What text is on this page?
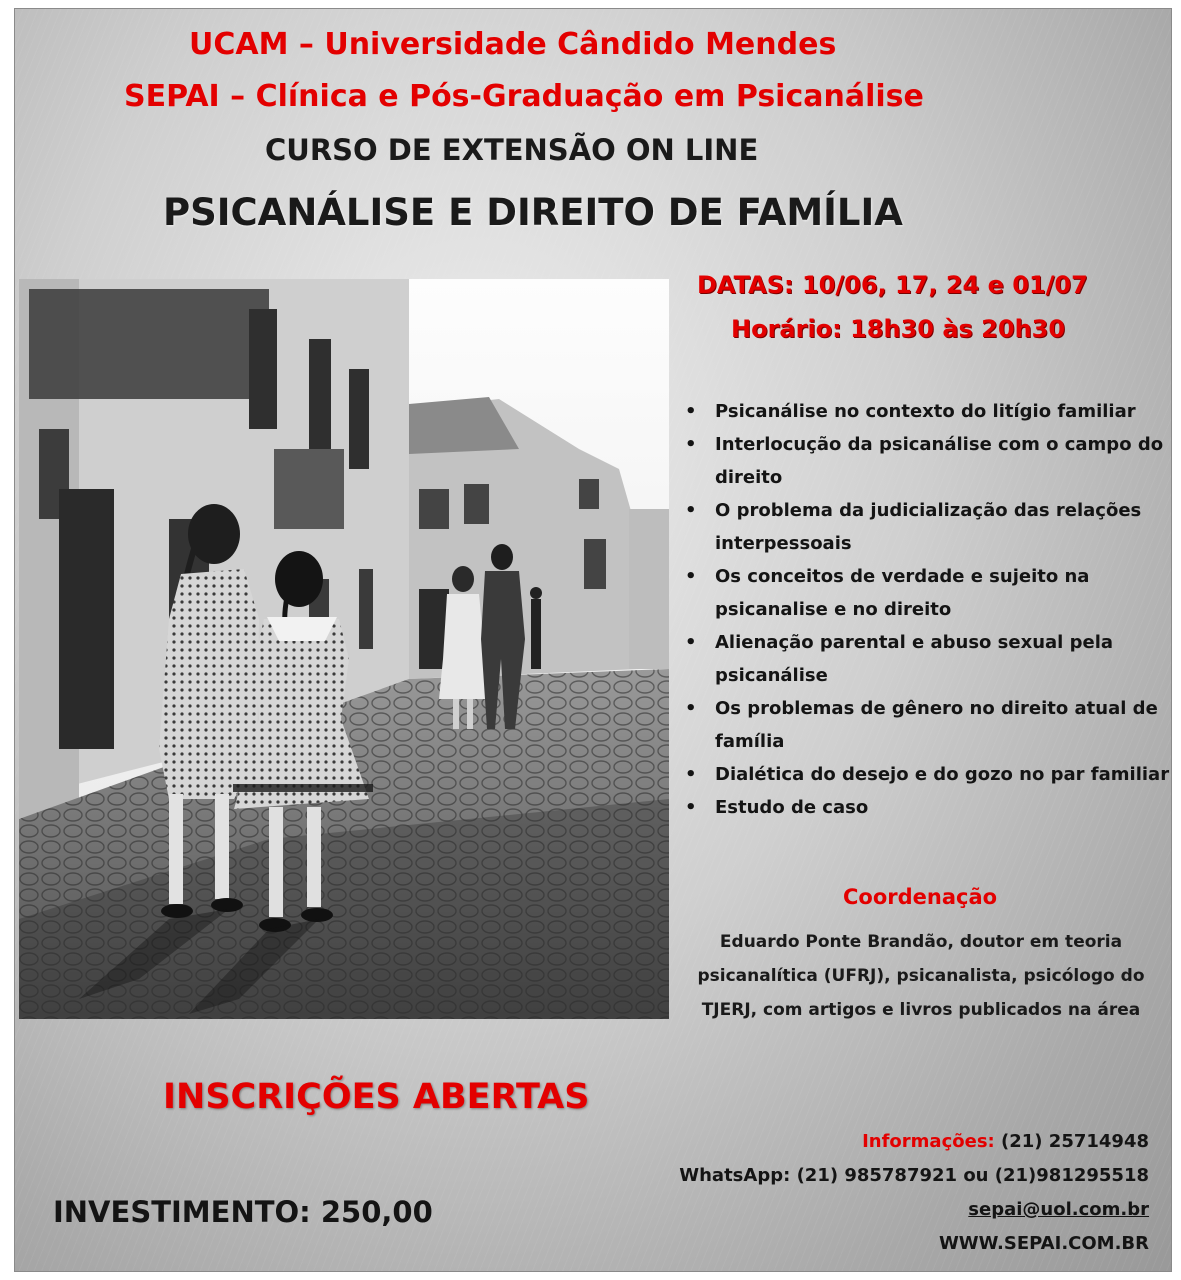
UCAM – Universidade Cândido Mendes
SEPAI – Clínica e Pós-Graduação em Psicanálise
CURSO DE EXTENSÃO ON LINE
PSICANÁLISE E DIREITO DE FAMÍLIA
DATAS: 10/06, 17, 24 e 01/07
Horário: 18h30 às 20h30
• Psicanálise no contexto do litígio familiar
• Interlocução da psicanálise com o campo do direito
• O problema da judicialização das relações interpessoais
• Os conceitos de verdade e sujeito na psicanalise e no direito
• Alienação parental e abuso sexual pela psicanálise
• Os problemas de gênero no direito atual de família
• Dialética do desejo e do gozo no par familiar
• Estudo de caso
Coordenação
Eduardo Ponte Brandão, doutor em teoria psicanalítica (UFRJ), psicanalista, psicólogo do TJERJ, com artigos e livros publicados na área
INSCRIÇÕES ABERTAS
INVESTIMENTO: 250,00
Informações: (21) 25714948
WhatsApp: (21) 985787921 ou (21)981295518
sepai@uol.com.br
WWW.SEPAI.COM.BR
